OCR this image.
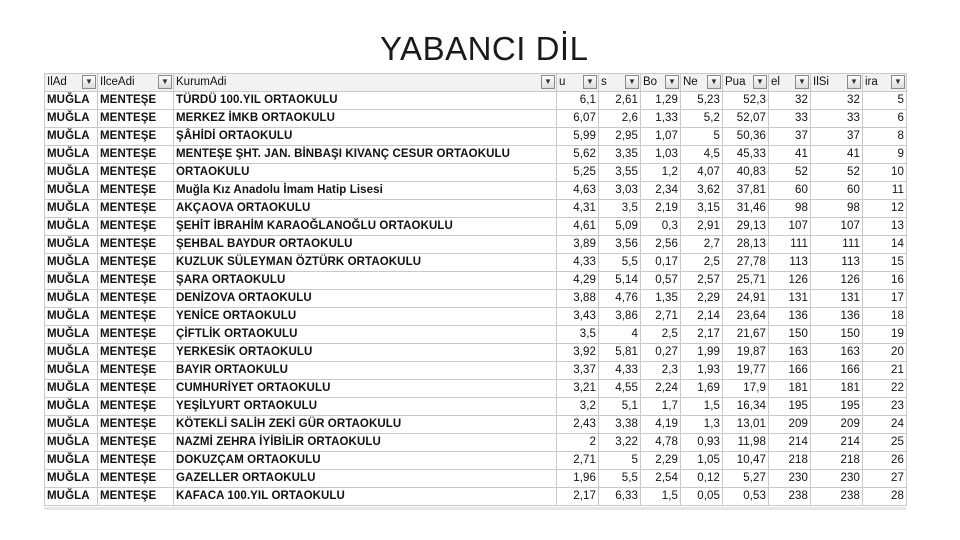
YABANCI DİL
IlAd ▼	IlceAdi ▼	KurumAdi ▼	u ▼	s ▼	Bo ▼	Ne ▼	Pua ▼	el ▼	IlSi ▼	ira ▼

MUĞLA	MENTEŞE	TÜRDÜ 100.YIL ORTAOKULU	6,1	2,61	1,29	5,23	52,3	32	32	5
MUĞLA	MENTEŞE	MERKEZ İMKB ORTAOKULU	6,07	2,6	1,33	5,2	52,07	33	33	6
MUĞLA	MENTEŞE	ŞÂHİDİ ORTAOKULU	5,99	2,95	1,07	5	50,36	37	37	8
MUĞLA	MENTEŞE	MENTEŞE ŞHT. JAN. BİNBAŞI KIVANÇ CESUR ORTAOKULU	5,62	3,35	1,03	4,5	45,33	41	41	9
MUĞLA	MENTEŞE	ORTAOKULU	5,25	3,55	1,2	4,07	40,83	52	52	10
MUĞLA	MENTEŞE	Muğla Kız Anadolu İmam Hatip Lisesi	4,63	3,03	2,34	3,62	37,81	60	60	11
MUĞLA	MENTEŞE	AKÇAOVA ORTAOKULU	4,31	3,5	2,19	3,15	31,46	98	98	12
MUĞLA	MENTEŞE	ŞEHİT İBRAHİM KARAOĞLANOĞLU ORTAOKULU	4,61	5,09	0,3	2,91	29,13	107	107	13
MUĞLA	MENTEŞE	ŞEHBAL BAYDUR ORTAOKULU	3,89	3,56	2,56	2,7	28,13	111	111	14
MUĞLA	MENTEŞE	KUZLUK SÜLEYMAN ÖZTÜRK ORTAOKULU	4,33	5,5	0,17	2,5	27,78	113	113	15
MUĞLA	MENTEŞE	ŞARA ORTAOKULU	4,29	5,14	0,57	2,57	25,71	126	126	16
MUĞLA	MENTEŞE	DENİZOVA ORTAOKULU	3,88	4,76	1,35	2,29	24,91	131	131	17
MUĞLA	MENTEŞE	YENİCE ORTAOKULU	3,43	3,86	2,71	2,14	23,64	136	136	18
MUĞLA	MENTEŞE	ÇİFTLİK ORTAOKULU	3,5	4	2,5	2,17	21,67	150	150	19
MUĞLA	MENTEŞE	YERKESİK ORTAOKULU	3,92	5,81	0,27	1,99	19,87	163	163	20
MUĞLA	MENTEŞE	BAYIR ORTAOKULU	3,37	4,33	2,3	1,93	19,77	166	166	21
MUĞLA	MENTEŞE	CUMHURİYET ORTAOKULU	3,21	4,55	2,24	1,69	17,9	181	181	22
MUĞLA	MENTEŞE	YEŞİLYURT ORTAOKULU	3,2	5,1	1,7	1,5	16,34	195	195	23
MUĞLA	MENTEŞE	KÖTEKLİ SALİH ZEKİ GÜR ORTAOKULU	2,43	3,38	4,19	1,3	13,01	209	209	24
MUĞLA	MENTEŞE	NAZMİ ZEHRA İYİBİLİR ORTAOKULU	2	3,22	4,78	0,93	11,98	214	214	25
MUĞLA	MENTEŞE	DOKUZÇAM ORTAOKULU	2,71	5	2,29	1,05	10,47	218	218	26
MUĞLA	MENTEŞE	GAZELLER ORTAOKULU	1,96	5,5	2,54	0,12	5,27	230	230	27
MUĞLA	MENTEŞE	KAFACA 100.YIL ORTAOKULU	2,17	6,33	1,5	0,05	0,53	238	238	28
